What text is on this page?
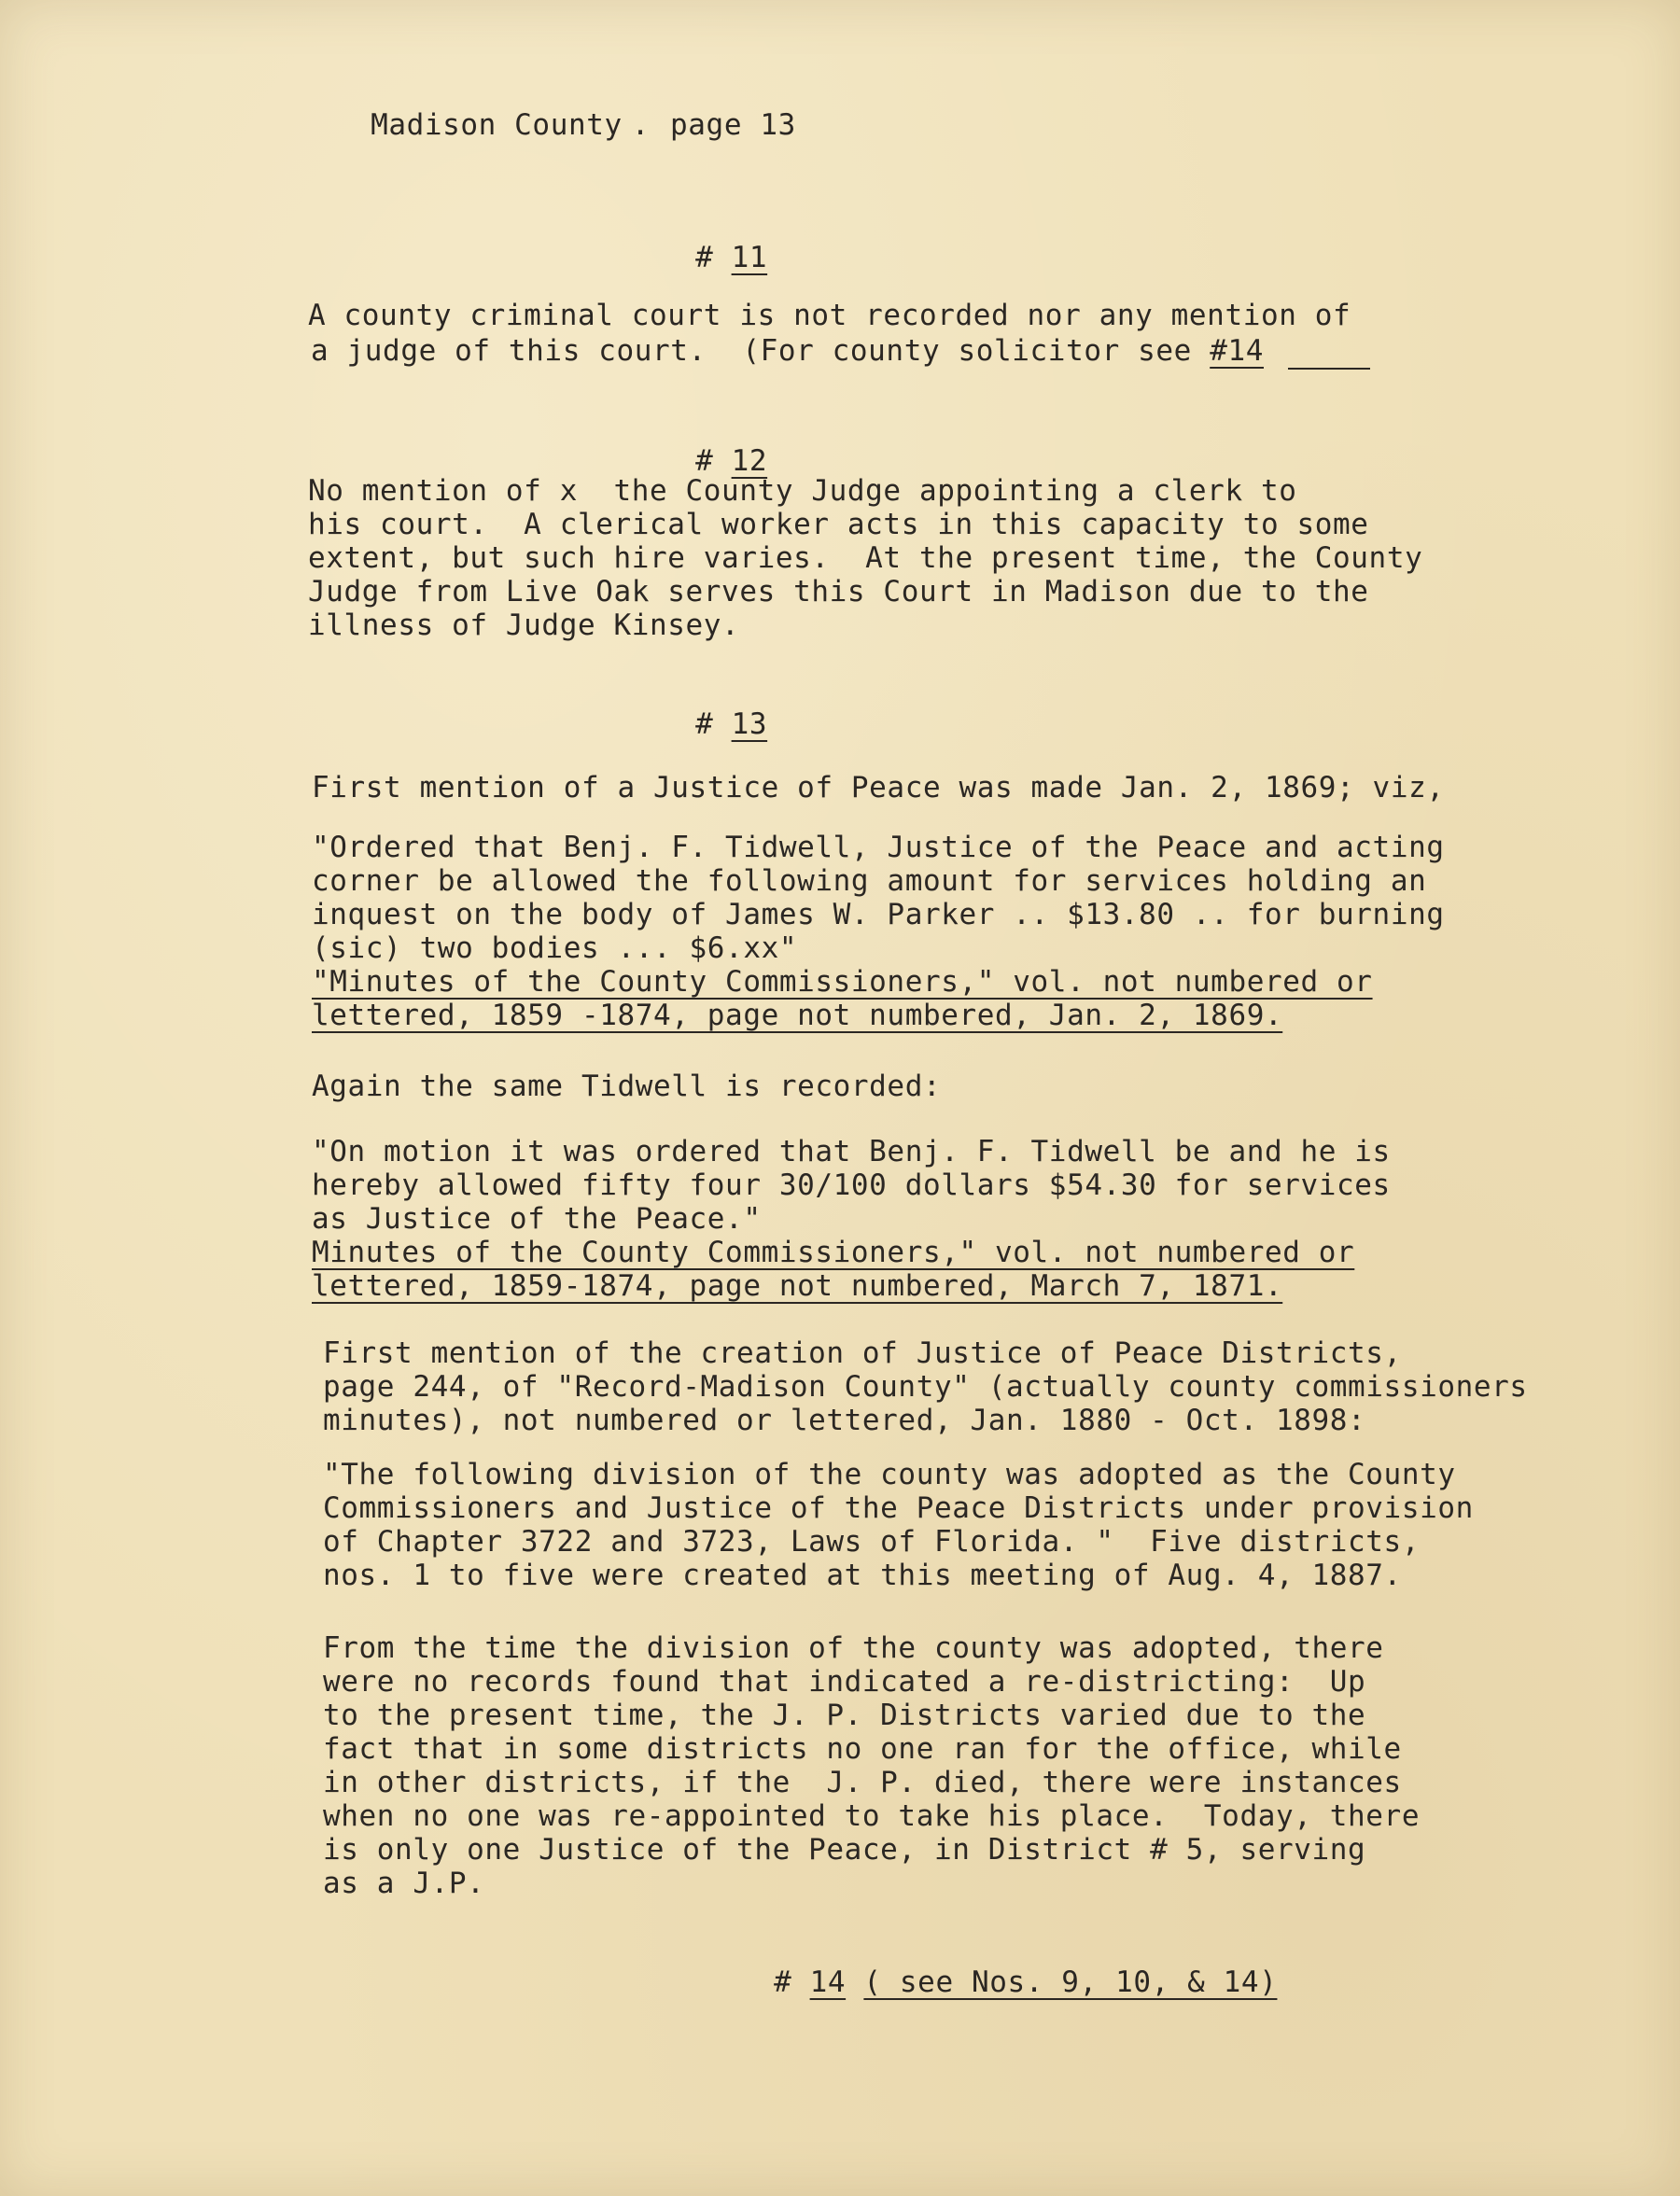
Madison County . page 13

# 11

A county criminal court is not recorded nor any mention of
a judge of this court.  (For county solicitor see #14

# 12

No mention of x  the County Judge appointing a clerk to
his court.  A clerical worker acts in this capacity to some
extent, but such hire varies.  At the present time, the County
Judge from Live Oak serves this Court in Madison due to the
illness of Judge Kinsey.

# 13

First mention of a Justice of Peace was made Jan. 2, 1869; viz,
"Ordered that Benj. F. Tidwell, Justice of the Peace and acting
corner be allowed the following amount for services holding an
inquest on the body of James W. Parker .. $13.80 .. for burning
(sic) two bodies ... $6.xx"
"Minutes of the County Commissioners," vol. not numbered or
lettered, 1859 -1874, page not numbered, Jan. 2, 1869.
Again the same Tidwell is recorded:
"On motion it was ordered that Benj. F. Tidwell be and he is
hereby allowed fifty four 30/100 dollars $54.30 for services
as Justice of the Peace."
Minutes of the County Commissioners," vol. not numbered or
lettered, 1859-1874, page not numbered, March 7, 1871.
First mention of the creation of Justice of Peace Districts,
page 244, of "Record-Madison County" (actually county commissioners
minutes), not numbered or lettered, Jan. 1880 - Oct. 1898:
"The following division of the county was adopted as the County
Commissioners and Justice of the Peace Districts under provision
of Chapter 3722 and 3723, Laws of Florida. "  Five districts,
nos. 1 to five were created at this meeting of Aug. 4, 1887.
From the time the division of the county was adopted, there
were no records found that indicated a re-districting:  Up
to the present time, the J. P. Districts varied due to the
fact that in some districts no one ran for the office, while
in other districts, if the  J. P. died, there were instances
when no one was re-appointed to take his place.  Today, there
is only one Justice of the Peace, in District # 5, serving
as a J.P.

# 14 ( see Nos. 9, 10, & 14)
